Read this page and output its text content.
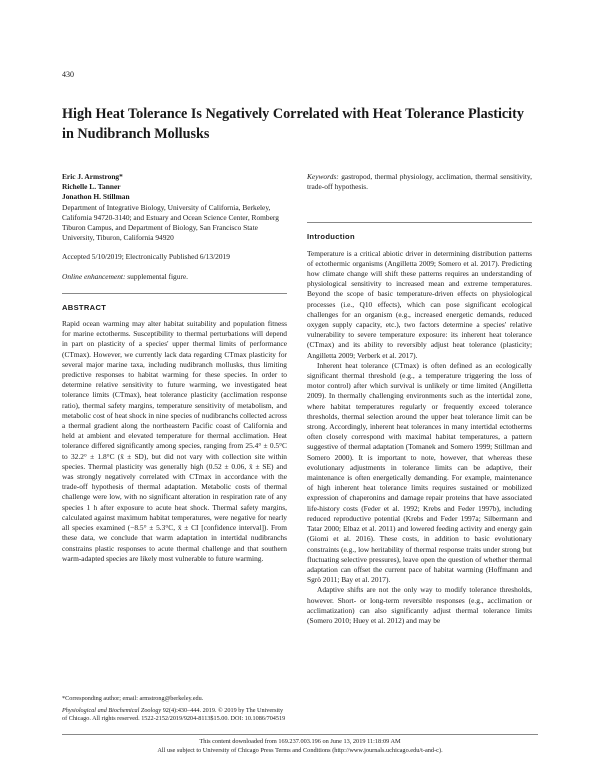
430
High Heat Tolerance Is Negatively Correlated with Heat Tolerance Plasticity in Nudibranch Mollusks
Eric J. Armstrong*
Richelle L. Tanner
Jonathon H. Stillman
Department of Integrative Biology, University of California, Berkeley, California 94720-3140; and Estuary and Ocean Science Center, Romberg Tiburon Campus, and Department of Biology, San Francisco State University, Tiburon, California 94920
Accepted 5/10/2019; Electronically Published 6/13/2019
Online enhancement: supplemental figure.
ABSTRACT

Rapid ocean warming may alter habitat suitability and population fitness for marine ectotherms. Susceptibility to thermal perturbations will depend in part on plasticity of a species' upper thermal limits of performance (CTmax). However, we currently lack data regarding CTmax plasticity for several major marine taxa, including nudibranch mollusks, thus limiting predictive responses to habitat warming for these species. In order to determine relative sensitivity to future warming, we investigated heat tolerance limits (CTmax), heat tolerance plasticity (acclimation response ratio), thermal safety margins, temperature sensitivity of metabolism, and metabolic cost of heat shock in nine species of nudibranchs collected across a thermal gradient along the northeastern Pacific coast of California and held at ambient and elevated temperature for thermal acclimation. Heat tolerance differed significantly among species, ranging from 25.4° ± 0.5°C to 32.2° ± 1.8°C (x̄ ± SD), but did not vary with collection site within species. Thermal plasticity was generally high (0.52 ± 0.06, x̄ ± SE) and was strongly negatively correlated with CTmax in accordance with the trade-off hypothesis of thermal adaptation. Metabolic costs of thermal challenge were low, with no significant alteration in respiration rate of any species 1 h after exposure to acute heat shock. Thermal safety margins, calculated against maximum habitat temperatures, were negative for nearly all species examined (−8.5° ± 5.3°C, x̄ ± CI [confidence interval]). From these data, we conclude that warm adaptation in intertidal nudibranchs constrains plastic responses to acute thermal challenge and that southern warm-adapted species are likely most vulnerable to future warming.

Keywords: gastropod, thermal physiology, acclimation, thermal sensitivity, trade-off hypothesis.
Introduction

Temperature is a critical abiotic driver in determining distribution patterns of ectothermic organisms (Angilletta 2009; Somero et al. 2017). Predicting how climate change will shift these patterns requires an understanding of physiological sensitivity to increased mean and extreme temperatures. Beyond the scope of basic temperature-driven effects on physiological processes (i.e., Q10 effects), which can pose significant ecological challenges for an organism (e.g., increased energetic demands, reduced oxygen supply capacity, etc.), two factors determine a species' relative vulnerability to severe temperature exposure: its inherent heat tolerance (CTmax) and its ability to reversibly adjust heat tolerance (plasticity; Angilletta 2009; Verberk et al. 2017).

Inherent heat tolerance (CTmax) is often defined as an ecologically significant thermal threshold (e.g., a temperature triggering the loss of motor control) after which survival is unlikely or time limited (Angilletta 2009). In thermally challenging environments such as the intertidal zone, where habitat temperatures regularly or frequently exceed tolerance thresholds, thermal selection around the upper heat tolerance limit can be strong. Accordingly, inherent heat tolerances in many intertidal ectotherms often closely correspond with maximal habitat temperatures, a pattern suggestive of thermal adaptation (Tomanek and Somero 1999; Stillman and Somero 2000). It is important to note, however, that whereas these evolutionary adjustments in tolerance limits can be adaptive, their maintenance is often energetically demanding. For example, maintenance of high inherent heat tolerance limits requires sustained or mobilized expression of chaperonins and damage repair proteins that have associated life-history costs (Feder et al. 1992; Krebs and Feder 1997b), including reduced reproductive potential (Krebs and Feder 1997a; Silbermann and Tatar 2000; Elbaz et al. 2011) and lowered feeding activity and energy gain (Giomi et al. 2016). These costs, in addition to basic evolutionary constraints (e.g., low heritability of thermal response traits under strong but fluctuating selective pressures), leave open the question of whether thermal adaptation can offset the current pace of habitat warming (Hoffmann and Sgrò 2011; Bay et al. 2017).

Adaptive shifts are not the only way to modify tolerance thresholds, however. Short- or long-term reversible responses (e.g., acclimation or acclimatization) can also significantly adjust thermal tolerance limits (Somero 2010; Huey et al. 2012) and may be

*Corresponding author; email: armstrong@berkeley.edu.

Physiological and Biochemical Zoology 92(4):430–444. 2019. © 2019 by The University of Chicago. All rights reserved. 1522-2152/2019/9204-8113$15.00. DOI: 10.1086/704519

This content downloaded from 169.237.003.196 on June 13, 2019 11:18:09 AM
All use subject to University of Chicago Press Terms and Conditions (http://www.journals.uchicago.edu/t-and-c).
